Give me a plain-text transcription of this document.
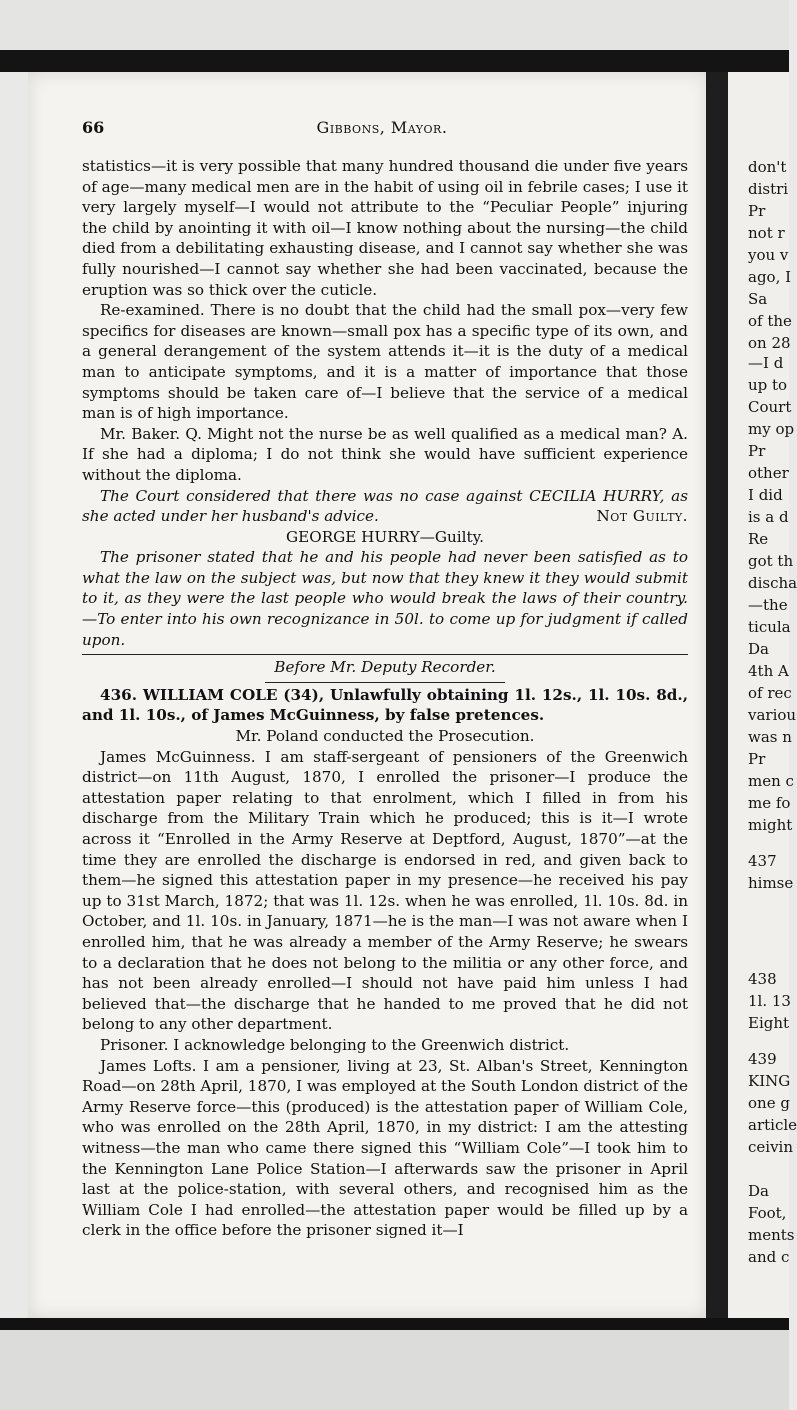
don't
distri
Pr
not r
you v
ago, I
Sa
of the
on 28
—I d
up to
Court
my op
Pr
other
I did
is a d
Re
got th
discha
—the
ticula
Da
4th A
of rec
variou
was n
Pr
men c
me fo
might
437
himse
438
1l. 13
Eight
439
KING
one g
article
ceivin
Da
Foot,
ments
and c
66	Gibbons, Mayor.

statistics—it is very possible that many hundred thousand die under five years of age—many medical men are in the habit of using oil in febrile cases; I use it very largely myself—I would not attribute to the “Peculiar People” injuring the child by anointing it with oil—I know nothing about the nursing—the child died from a debilitating exhausting disease, and I cannot say whether she was fully nourished—I cannot say whether she had been vaccinated, because the eruption was so thick over the cuticle.

Re-examined. There is no doubt that the child had the small pox—very few specifics for diseases are known—small pox has a specific type of its own, and a general derangement of the system attends it—it is the duty of a medical man to anticipate symptoms, and it is a matter of importance that those symptoms should be taken care of—I believe that the service of a medical man is of high importance.

Mr. Baker. Q. Might not the nurse be as well qualified as a medical man? A. If she had a diploma; I do not think she would have sufficient experience without the diploma.

The Court considered that there was no case against CECILIA HURRY, as she acted under her husband's advice.	Not Guilty.

GEORGE HURRY—Guilty.

The prisoner stated that he and his people had never been satisfied as to what the law on the subject was, but now that they knew it they would submit to it, as they were the last people who would break the laws of their country.—To enter into his own recognizance in 50l. to come up for judgment if called upon.

Before Mr. Deputy Recorder.

436. WILLIAM COLE (34), Unlawfully obtaining 1l. 12s., 1l. 10s. 8d., and 1l. 10s., of James McGuinness, by false pretences.

Mr. Poland conducted the Prosecution.

James McGuinness. I am staff-sergeant of pensioners of the Greenwich district—on 11th August, 1870, I enrolled the prisoner—I produce the attestation paper relating to that enrolment, which I filled in from his discharge from the Military Train which he produced; this is it—I wrote across it “Enrolled in the Army Reserve at Deptford, August, 1870”—at the time they are enrolled the discharge is endorsed in red, and given back to them—he signed this attestation paper in my presence—he received his pay up to 31st March, 1872; that was 1l. 12s. when he was enrolled, 1l. 10s. 8d. in October, and 1l. 10s. in January, 1871—he is the man—I was not aware when I enrolled him, that he was already a member of the Army Reserve; he swears to a declaration that he does not belong to the militia or any other force, and has not been already enrolled—I should not have paid him unless I had believed that—the discharge that he handed to me proved that he did not belong to any other department.

Prisoner. I acknowledge belonging to the Greenwich district.

James Lofts. I am a pensioner, living at 23, St. Alban's Street, Kennington Road—on 28th April, 1870, I was employed at the South London district of the Army Reserve force—this (produced) is the attestation paper of William Cole, who was enrolled on the 28th April, 1870, in my district: I am the attesting witness—the man who came there signed this “William Cole”—I took him to the Kennington Lane Police Station—I afterwards saw the prisoner in April last at the police-station, with several others, and recognised him as the William Cole I had enrolled—the attestation paper would be filled up by a clerk in the office before the prisoner signed it—I
